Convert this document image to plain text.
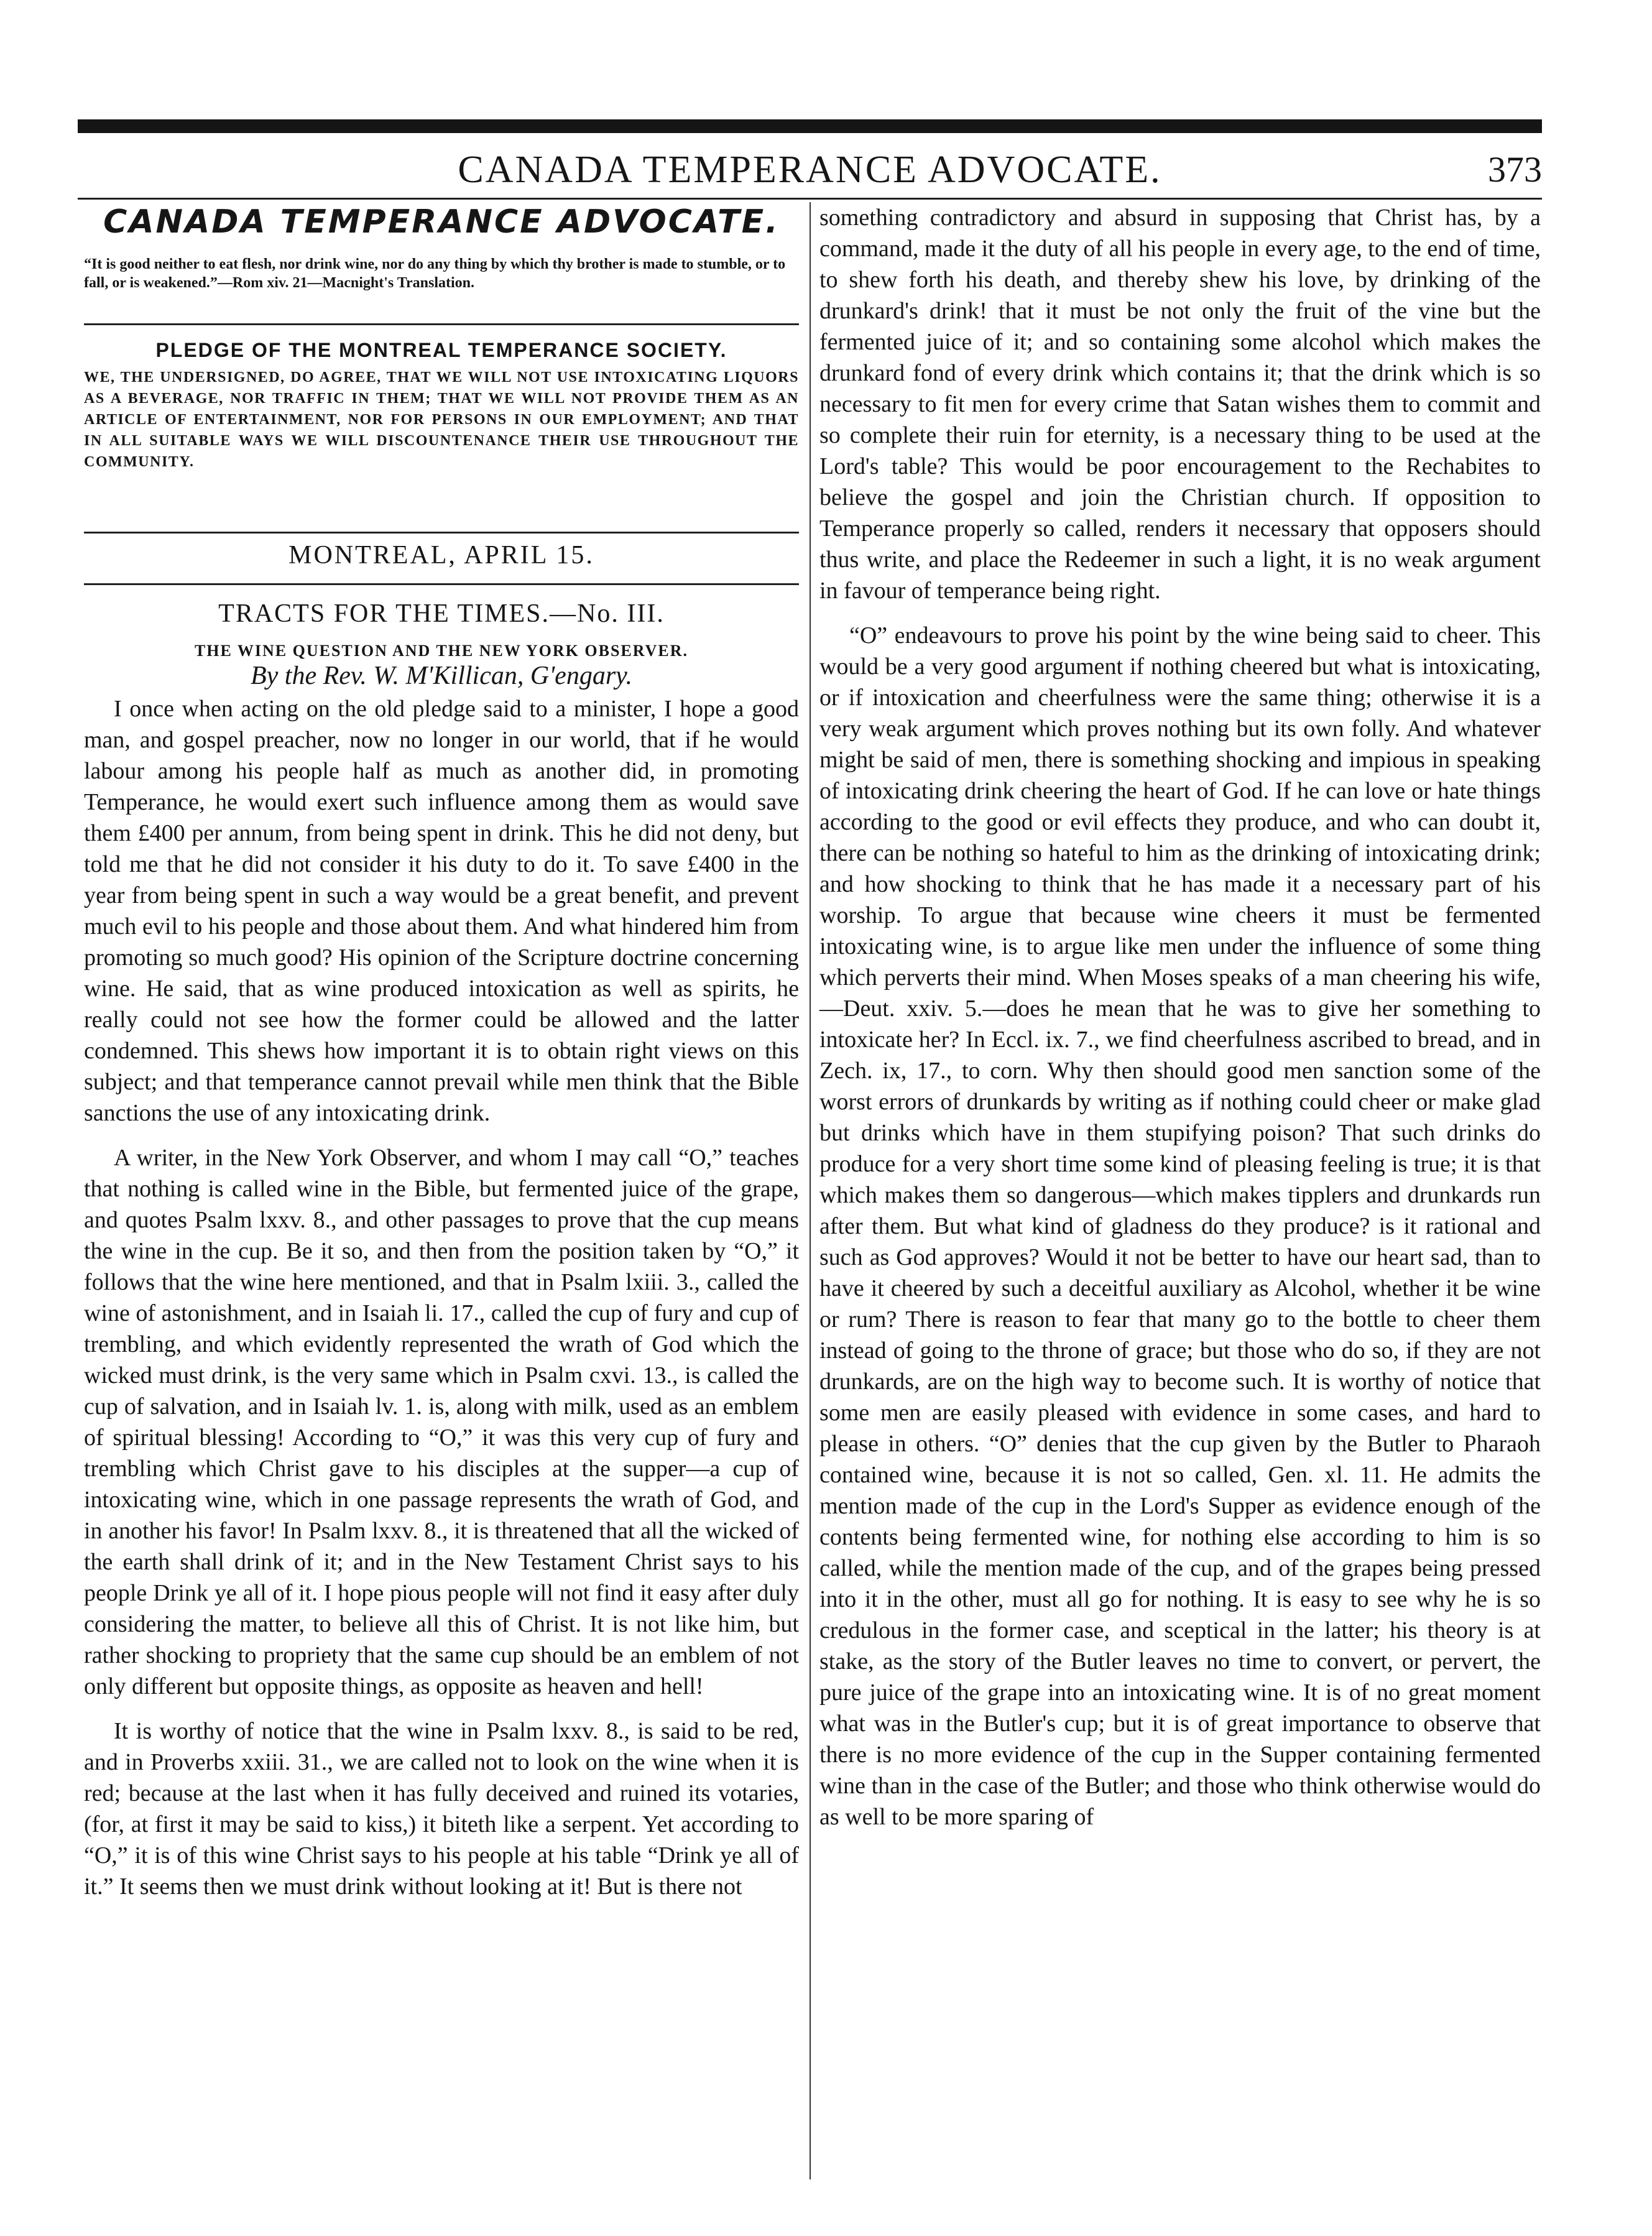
CANADA TEMPERANCE ADVOCATE.	373
CANADA TEMPERANCE ADVOCATE.
“It is good neither to eat flesh, nor drink wine, nor do any thing by which thy brother is made to stumble, or to fall, or is weakened.”—Rom xiv. 21—Macnight's Translation.
PLEDGE OF THE MONTREAL TEMPERANCE SOCIETY.
WE, THE UNDERSIGNED, DO AGREE, THAT WE WILL NOT USE INTOXICATING LIQUORS AS A BEVERAGE, NOR TRAFFIC IN THEM; THAT WE WILL NOT PROVIDE THEM AS AN ARTICLE OF ENTERTAINMENT, NOR FOR PERSONS IN OUR EMPLOYMENT; AND THAT IN ALL SUITABLE WAYS WE WILL DISCOUNTENANCE THEIR USE THROUGHOUT THE COMMUNITY.
MONTREAL, APRIL 15.
TRACTS FOR THE TIMES.—No. III.
THE WINE QUESTION AND THE NEW YORK OBSERVER.
By the Rev. W. M'Killican, G'engary.

I once when acting on the old pledge said to a minister, I hope a good man, and gospel preacher, now no longer in our world, that if he would labour among his people half as much as another did, in promoting Temperance, he would exert such influence among them as would save them £400 per annum, from being spent in drink. This he did not deny, but told me that he did not consider it his duty to do it. To save £400 in the year from being spent in such a way would be a great benefit, and prevent much evil to his people and those about them. And what hindered him from promoting so much good? His opinion of the Scripture doctrine concerning wine. He said, that as wine produced intoxication as well as spirits, he really could not see how the former could be allowed and the latter condemned. This shews how important it is to obtain right views on this subject; and that temperance cannot prevail while men think that the Bible sanctions the use of any intoxicating drink.

A writer, in the New York Observer, and whom I may call “O,” teaches that nothing is called wine in the Bible, but fermented juice of the grape, and quotes Psalm lxxv. 8., and other passages to prove that the cup means the wine in the cup. Be it so, and then from the position taken by “O,” it follows that the wine here mentioned, and that in Psalm lxiii. 3., called the wine of astonishment, and in Isaiah li. 17., called the cup of fury and cup of trembling, and which evidently represented the wrath of God which the wicked must drink, is the very same which in Psalm cxvi. 13., is called the cup of salvation, and in Isaiah lv. 1. is, along with milk, used as an emblem of spiritual blessing! According to “O,” it was this very cup of fury and trembling which Christ gave to his disciples at the supper—a cup of intoxicating wine, which in one passage represents the wrath of God, and in another his favor! In Psalm lxxv. 8., it is threatened that all the wicked of the earth shall drink of it; and in the New Testament Christ says to his people Drink ye all of it. I hope pious people will not find it easy after duly considering the matter, to believe all this of Christ. It is not like him, but rather shocking to propriety that the same cup should be an emblem of not only different but opposite things, as opposite as heaven and hell!

It is worthy of notice that the wine in Psalm lxxv. 8., is said to be red, and in Proverbs xxiii. 31., we are called not to look on the wine when it is red; because at the last when it has fully deceived and ruined its votaries, (for, at first it may be said to kiss,) it biteth like a serpent. Yet according to “O,” it is of this wine Christ says to his people at his table “Drink ye all of it.” It seems then we must drink without looking at it! But is there not

something contradictory and absurd in supposing that Christ has, by a command, made it the duty of all his people in every age, to the end of time, to shew forth his death, and thereby shew his love, by drinking of the drunkard's drink! that it must be not only the fruit of the vine but the fermented juice of it; and so containing some alcohol which makes the drunkard fond of every drink which contains it; that the drink which is so necessary to fit men for every crime that Satan wishes them to commit and so complete their ruin for eternity, is a necessary thing to be used at the Lord's table? This would be poor encouragement to the Rechabites to believe the gospel and join the Christian church. If opposition to Temperance properly so called, renders it necessary that opposers should thus write, and place the Redeemer in such a light, it is no weak argument in favour of temperance being right.

“O” endeavours to prove his point by the wine being said to cheer. This would be a very good argument if nothing cheered but what is intoxicating, or if intoxication and cheerfulness were the same thing; otherwise it is a very weak argument which proves nothing but its own folly. And whatever might be said of men, there is something shocking and impious in speaking of intoxicating drink cheering the heart of God. If he can love or hate things according to the good or evil effects they produce, and who can doubt it, there can be nothing so hateful to him as the drinking of intoxicating drink; and how shocking to think that he has made it a necessary part of his worship. To argue that because wine cheers it must be fermented intoxicating wine, is to argue like men under the influence of some thing which perverts their mind. When Moses speaks of a man cheering his wife,—Deut. xxiv. 5.—does he mean that he was to give her something to intoxicate her? In Eccl. ix. 7., we find cheerfulness ascribed to bread, and in Zech. ix, 17., to corn. Why then should good men sanction some of the worst errors of drunkards by writing as if nothing could cheer or make glad but drinks which have in them stupifying poison? That such drinks do produce for a very short time some kind of pleasing feeling is true; it is that which makes them so dangerous—which makes tipplers and drunkards run after them. But what kind of gladness do they produce? is it rational and such as God approves? Would it not be better to have our heart sad, than to have it cheered by such a deceitful auxiliary as Alcohol, whether it be wine or rum? There is reason to fear that many go to the bottle to cheer them instead of going to the throne of grace; but those who do so, if they are not drunkards, are on the high way to become such. It is worthy of notice that some men are easily pleased with evidence in some cases, and hard to please in others. “O” denies that the cup given by the Butler to Pharaoh contained wine, because it is not so called, Gen. xl. 11. He admits the mention made of the cup in the Lord's Supper as evidence enough of the contents being fermented wine, for nothing else according to him is so called, while the mention made of the cup, and of the grapes being pressed into it in the other, must all go for nothing. It is easy to see why he is so credulous in the former case, and sceptical in the latter; his theory is at stake, as the story of the Butler leaves no time to convert, or pervert, the pure juice of the grape into an intoxicating wine. It is of no great moment what was in the Butler's cup; but it is of great importance to observe that there is no more evidence of the cup in the Supper containing fermented wine than in the case of the Butler; and those who think otherwise would do as well to be more sparing of
